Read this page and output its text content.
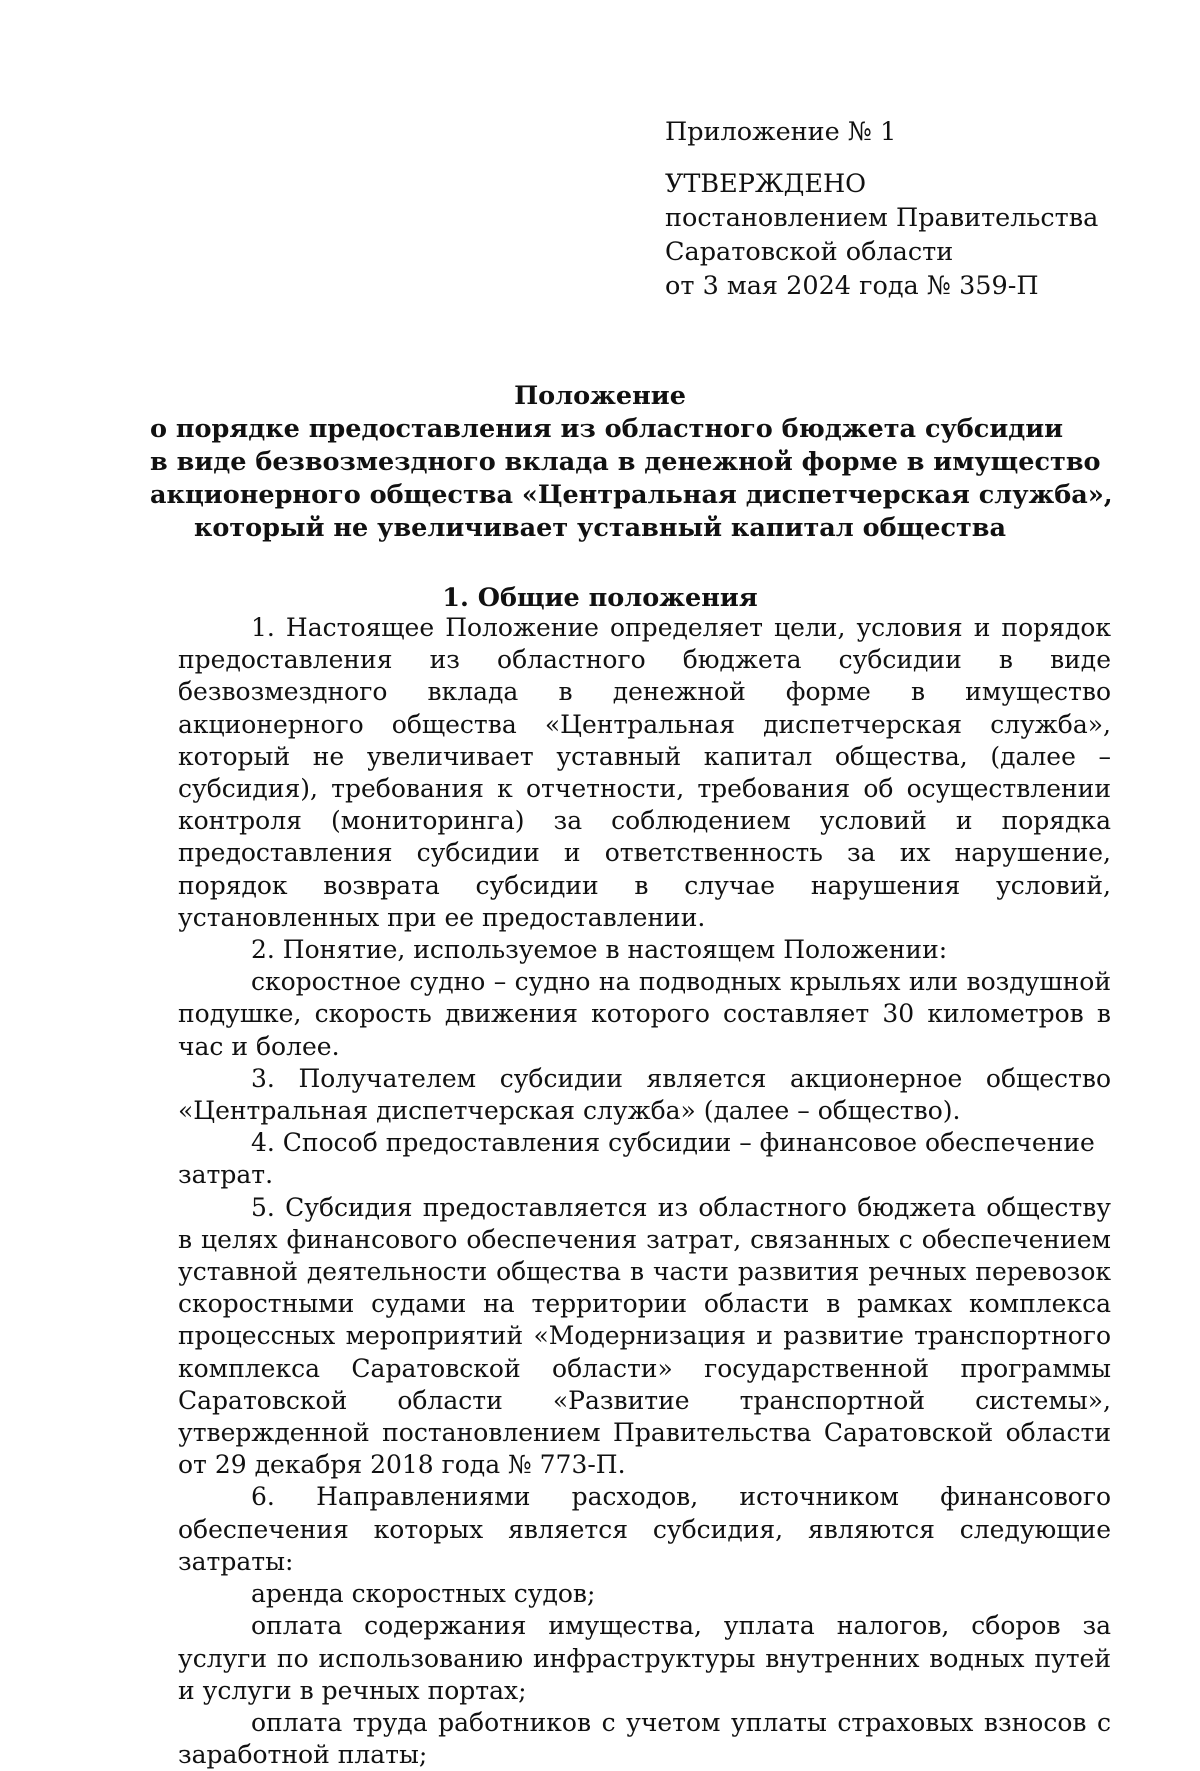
Приложение № 1
УТВЕРЖДЕНО
постановлением Правительства
Саратовской области
от 3 мая 2024 года № 359-П
Положение
о порядке предоставления из областного бюджета субсидии
в виде безвозмездного вклада в денежной форме в имущество
акционерного общества «Центральная диспетчерская служба»,
который не увеличивает уставный капитал общества
1. Общие положения

1. Настоящее Положение определяет цели, условия и порядок предоставления из областного бюджета субсидии в виде безвозмездного вклада в денежной форме в имущество акционерного общества «Центральная диспетчерская служба», который не увеличивает уставный капитал общества, (далее – субсидия), требования к отчетности, требования об осуществлении контроля (мониторинга) за соблюдением условий и порядка предоставления субсидии и ответственность за их нарушение, порядок возврата субсидии в случае нарушения условий, установленных при ее предоставлении.

2. Понятие, используемое в настоящем Положении:

скоростное судно – судно на подводных крыльях или воздушной подушке, скорость движения которого составляет 30 километров в час и более.

3. Получателем субсидии является акционерное общество «Центральная диспетчерская служба» (далее – общество).

4. Способ предоставления субсидии – финансовое обеспечение затрат.

5. Субсидия предоставляется из областного бюджета обществу в целях финансового обеспечения затрат, связанных с обеспечением уставной деятельности общества в части развития речных перевозок скоростными судами на территории области в рамках комплекса процессных мероприятий «Модернизация и развитие транспортного комплекса Саратовской области» государственной программы Саратовской области «Развитие транспортной системы», утвержденной постановлением Правительства Саратовской области от 29 декабря 2018 года № 773-П.

6. Направлениями расходов, источником финансового обеспечения которых является субсидия, являются следующие затраты:

аренда скоростных судов;

оплата содержания имущества, уплата налогов, сборов за услуги по использованию инфраструктуры внутренних водных путей и услуги в речных портах;

оплата труда работников с учетом уплаты страховых взносов с заработной платы;
